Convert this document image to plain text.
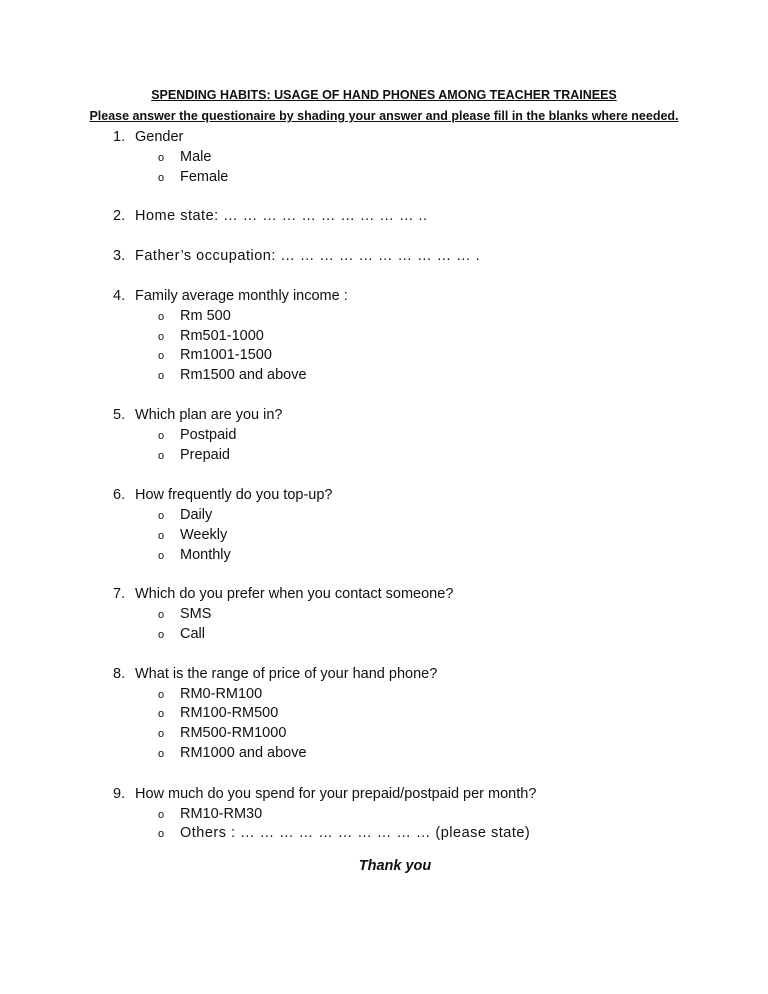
SPENDING HABITS: USAGE OF HAND PHONES AMONG TEACHER TRAINEES
Please answer the questionaire by shading your answer and please fill in the blanks where needed.
1. Gender
o Male
o Female
2. Home state: … … … … … … … … … … ..
3. Father’s occupation: … … … … … … … … … … .
4. Family average monthly income :
o Rm 500
o Rm501-1000
o Rm1001-1500
o Rm1500 and above
5. Which plan are you in?
o Postpaid
o Prepaid
6. How frequently do you top-up?
o Daily
o Weekly
o Monthly
7. Which do you prefer when you contact someone?
o SMS
o Call
8. What is the range of price of your hand phone?
o RM0-RM100
o RM100-RM500
o RM500-RM1000
o RM1000 and above
9. How much do you spend for your prepaid/postpaid per month?
o RM10-RM30
o Others : … … … … … … … … … … (please state)
Thank you
